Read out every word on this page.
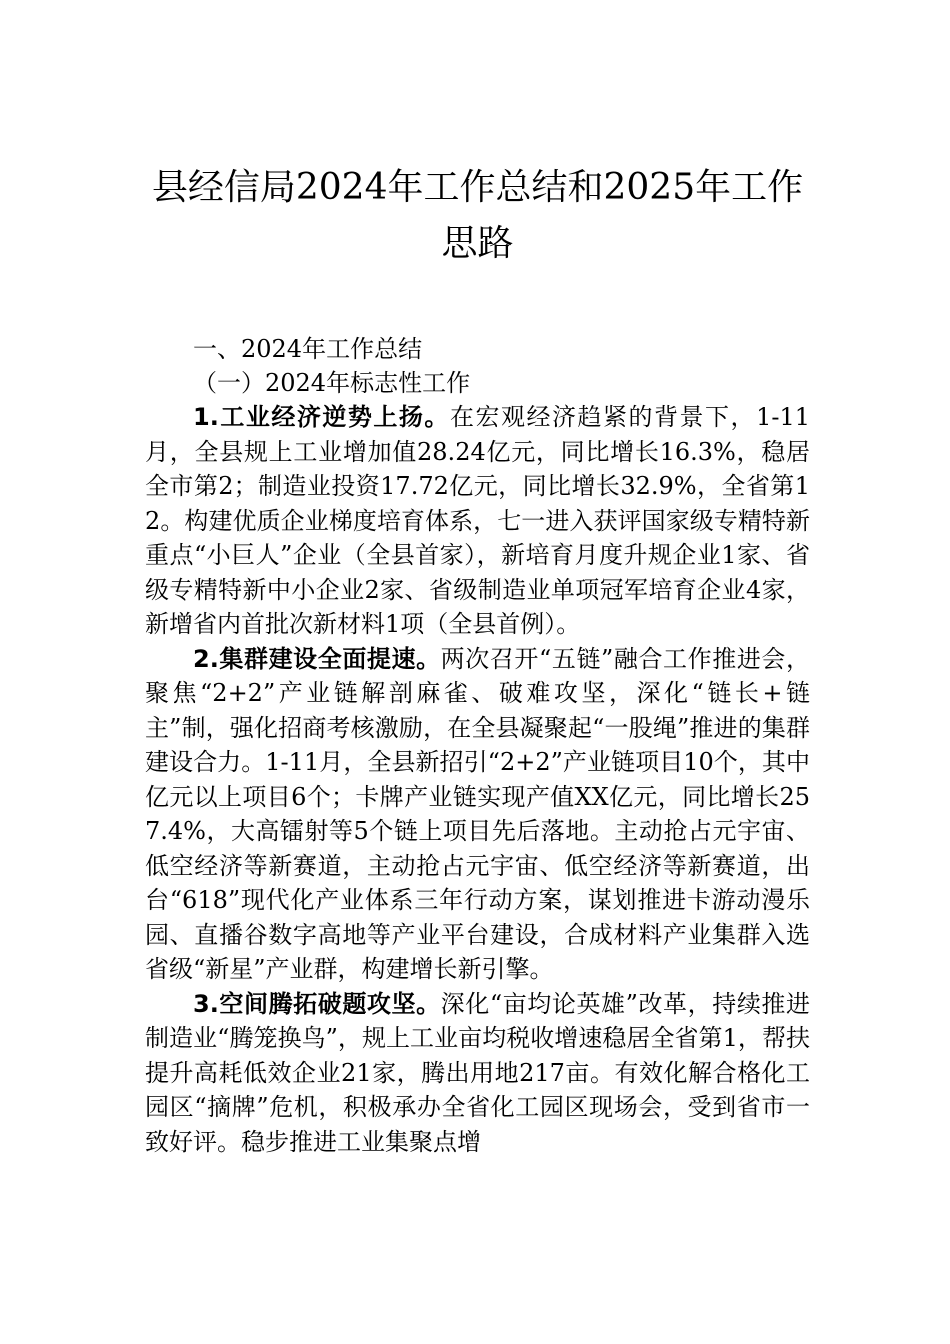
县经信局2024年工作总结和2025年工作思路

一、2024年工作总结

（一）2024年标志性工作

1.工业经济逆势上扬。在宏观经济趋紧的背景下，1-11月，全县规上工业增加值28.24亿元，同比增长16.3%，稳居全市第2；制造业投资17.72亿元，同比增长32.9%，全省第12。构建优质企业梯度培育体系，七一进入获评国家级专精特新重点“小巨人”企业（全县首家），新培育月度升规企业1家、省级专精特新中小企业2家、省级制造业单项冠军培育企业4家，新增省内首批次新材料1项（全县首例）。

2.集群建设全面提速。两次召开“五链”融合工作推进会，聚焦“2+2”产业链解剖麻雀、破难攻坚，深化“链长+链主”制，强化招商考核激励，在全县凝聚起“一股绳”推进的集群建设合力。1-11月，全县新招引“2+2”产业链项目10个，其中亿元以上项目6个；卡牌产业链实现产值XX亿元，同比增长257.4%，大高镭射等5个链上项目先后落地。主动抢占元宇宙、低空经济等新赛道，主动抢占元宇宙、低空经济等新赛道，出台“618”现代化产业体系三年行动方案，谋划推进卡游动漫乐园、直播谷数字高地等产业平台建设，合成材料产业集群入选省级“新星”产业群，构建增长新引擎。

3.空间腾拓破题攻坚。深化“亩均论英雄”改革，持续推进制造业“腾笼换鸟”，规上工业亩均税收增速稳居全省第1，帮扶提升高耗低效企业21家，腾出用地217亩。有效化解合格化工园区“摘牌”危机，积极承办全省化工园区现场会，受到省市一致好评。稳步推进工业集聚点增
